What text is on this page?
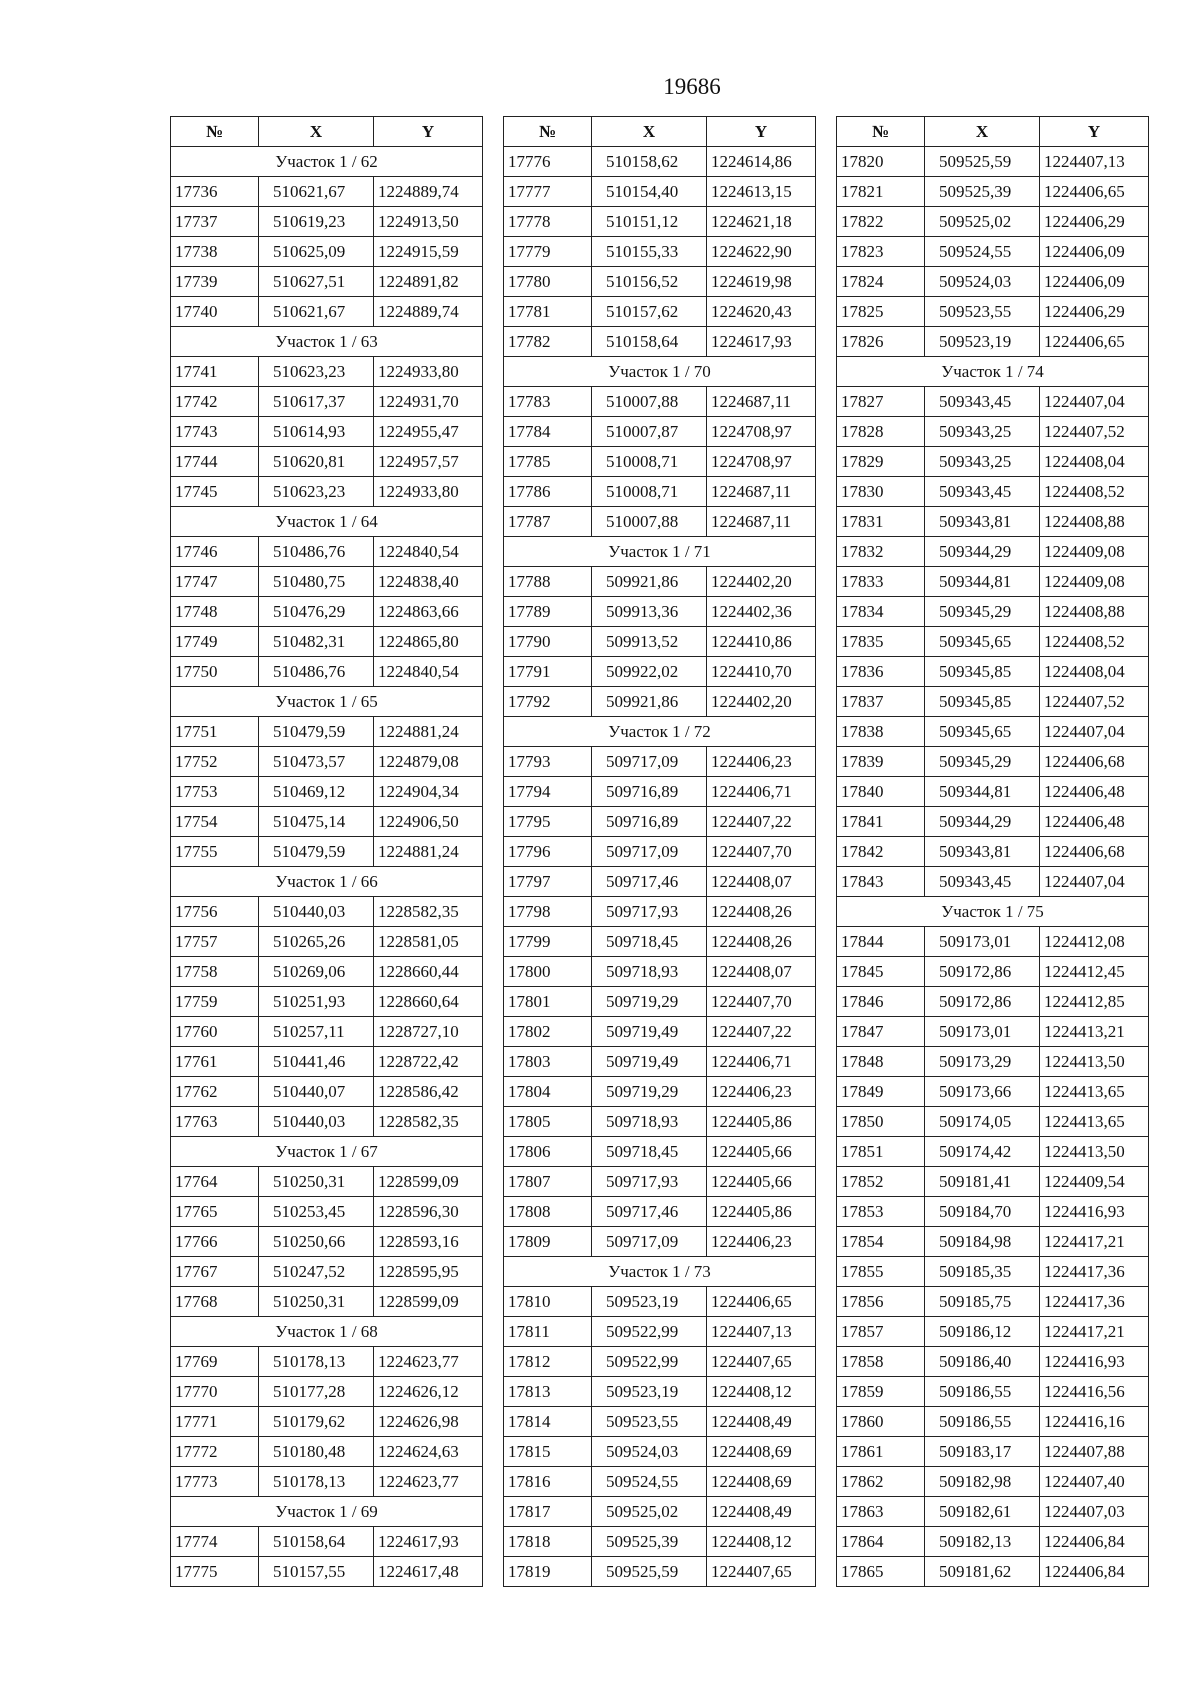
19686
№	X	Y
Участок 1 / 62		
17736	510621,67	1224889,74
17737	510619,23	1224913,50
17738	510625,09	1224915,59
17739	510627,51	1224891,82
17740	510621,67	1224889,74
Участок 1 / 63		
17741	510623,23	1224933,80
17742	510617,37	1224931,70
17743	510614,93	1224955,47
17744	510620,81	1224957,57
17745	510623,23	1224933,80
Участок 1 / 64		
17746	510486,76	1224840,54
17747	510480,75	1224838,40
17748	510476,29	1224863,66
17749	510482,31	1224865,80
17750	510486,76	1224840,54
Участок 1 / 65		
17751	510479,59	1224881,24
17752	510473,57	1224879,08
17753	510469,12	1224904,34
17754	510475,14	1224906,50
17755	510479,59	1224881,24
Участок 1 / 66		
17756	510440,03	1228582,35
17757	510265,26	1228581,05
17758	510269,06	1228660,44
17759	510251,93	1228660,64
17760	510257,11	1228727,10
17761	510441,46	1228722,42
17762	510440,07	1228586,42
17763	510440,03	1228582,35
Участок 1 / 67		
17764	510250,31	1228599,09
17765	510253,45	1228596,30
17766	510250,66	1228593,16
17767	510247,52	1228595,95
17768	510250,31	1228599,09
Участок 1 / 68		
17769	510178,13	1224623,77
17770	510177,28	1224626,12
17771	510179,62	1224626,98
17772	510180,48	1224624,63
17773	510178,13	1224623,77
Участок 1 / 69		
17774	510158,64	1224617,93
17775	510157,55	1224617,48
№	X	Y
17776	510158,62	1224614,86
17777	510154,40	1224613,15
17778	510151,12	1224621,18
17779	510155,33	1224622,90
17780	510156,52	1224619,98
17781	510157,62	1224620,43
17782	510158,64	1224617,93
Участок 1 / 70		
17783	510007,88	1224687,11
17784	510007,87	1224708,97
17785	510008,71	1224708,97
17786	510008,71	1224687,11
17787	510007,88	1224687,11
Участок 1 / 71		
17788	509921,86	1224402,20
17789	509913,36	1224402,36
17790	509913,52	1224410,86
17791	509922,02	1224410,70
17792	509921,86	1224402,20
Участок 1 / 72		
17793	509717,09	1224406,23
17794	509716,89	1224406,71
17795	509716,89	1224407,22
17796	509717,09	1224407,70
17797	509717,46	1224408,07
17798	509717,93	1224408,26
17799	509718,45	1224408,26
17800	509718,93	1224408,07
17801	509719,29	1224407,70
17802	509719,49	1224407,22
17803	509719,49	1224406,71
17804	509719,29	1224406,23
17805	509718,93	1224405,86
17806	509718,45	1224405,66
17807	509717,93	1224405,66
17808	509717,46	1224405,86
17809	509717,09	1224406,23
Участок 1 / 73		
17810	509523,19	1224406,65
17811	509522,99	1224407,13
17812	509522,99	1224407,65
17813	509523,19	1224408,12
17814	509523,55	1224408,49
17815	509524,03	1224408,69
17816	509524,55	1224408,69
17817	509525,02	1224408,49
17818	509525,39	1224408,12
17819	509525,59	1224407,65
№	X	Y
17820	509525,59	1224407,13
17821	509525,39	1224406,65
17822	509525,02	1224406,29
17823	509524,55	1224406,09
17824	509524,03	1224406,09
17825	509523,55	1224406,29
17826	509523,19	1224406,65
Участок 1 / 74		
17827	509343,45	1224407,04
17828	509343,25	1224407,52
17829	509343,25	1224408,04
17830	509343,45	1224408,52
17831	509343,81	1224408,88
17832	509344,29	1224409,08
17833	509344,81	1224409,08
17834	509345,29	1224408,88
17835	509345,65	1224408,52
17836	509345,85	1224408,04
17837	509345,85	1224407,52
17838	509345,65	1224407,04
17839	509345,29	1224406,68
17840	509344,81	1224406,48
17841	509344,29	1224406,48
17842	509343,81	1224406,68
17843	509343,45	1224407,04
Участок 1 / 75		
17844	509173,01	1224412,08
17845	509172,86	1224412,45
17846	509172,86	1224412,85
17847	509173,01	1224413,21
17848	509173,29	1224413,50
17849	509173,66	1224413,65
17850	509174,05	1224413,65
17851	509174,42	1224413,50
17852	509181,41	1224409,54
17853	509184,70	1224416,93
17854	509184,98	1224417,21
17855	509185,35	1224417,36
17856	509185,75	1224417,36
17857	509186,12	1224417,21
17858	509186,40	1224416,93
17859	509186,55	1224416,56
17860	509186,55	1224416,16
17861	509183,17	1224407,88
17862	509182,98	1224407,40
17863	509182,61	1224407,03
17864	509182,13	1224406,84
17865	509181,62	1224406,84
